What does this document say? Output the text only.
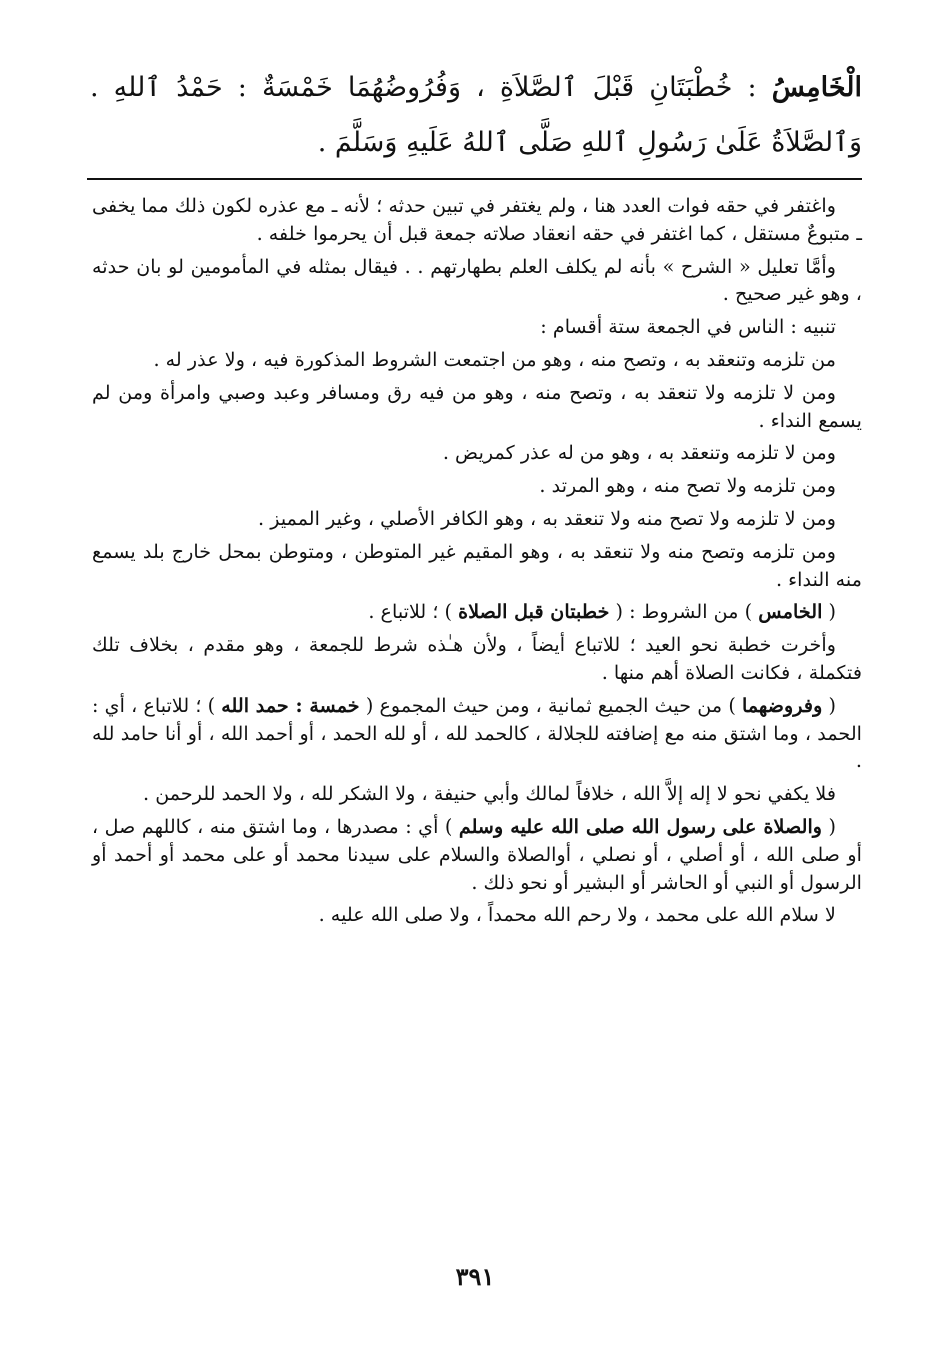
الْخَامِسُ : خُطْبَتَانِ قَبْلَ ٱلصَّلاَةِ ، وَفُرُوضُهُمَا خَمْسَةٌ : حَمْدُ ٱللهِ . وَٱلصَّلاَةُ عَلَىٰ رَسُولِ ٱللهِ صَلَّى ٱللهُ عَلَيهِ وَسَلَّمَ .

واغتفر في حقه فوات العدد هنا ، ولم يغتفر في تبين حدثه ؛ لأنه ـ مع عذره لكون ذلك مما يخفى ـ متبوعٌ مستقل ، كما اغتفر في حقه انعقاد صلاته جمعة قبل أن يحرموا خلفه .

وأمَّا تعليل « الشرح » بأنه لم يكلف العلم بطهارتهم . . فيقال بمثله في المأمومين لو بان حدثه ، وهو غير صحيح .

تنبيه : الناس في الجمعة ستة أقسام :

من تلزمه وتنعقد به ، وتصح منه ، وهو من اجتمعت الشروط المذكورة فيه ، ولا عذر له .

ومن لا تلزمه ولا تنعقد به ، وتصح منه ، وهو من فيه رق ومسافر وعبد وصبي وامرأة ومن لم يسمع النداء .

ومن لا تلزمه وتنعقد به ، وهو من له عذر كمريض .

ومن تلزمه ولا تصح منه ، وهو المرتد .

ومن لا تلزمه ولا تصح منه ولا تنعقد به ، وهو الكافر الأصلي ، وغير المميز .

ومن تلزمه وتصح منه ولا تنعقد به ، وهو المقيم غير المتوطن ، ومتوطن بمحل خارج بلد يسمع منه النداء .

( الخامس ) من الشروط : ( خطبتان قبل الصلاة ) ؛ للاتباع .

وأخرت خطبة نحو العيد ؛ للاتباع أيضاً ، ولأن هـٰذه شرط للجمعة ، وهو مقدم ، بخلاف تلك فتكملة ، فكانت الصلاة أهم منها .

( وفروضهما ) من حيث الجميع ثمانية ، ومن حيث المجموع ( خمسة : حمد الله ) ؛ للاتباع ، أي : الحمد ، وما اشتق منه مع إضافته للجلالة ، كالحمد لله ، أو لله الحمد ، أو أحمد الله ، أو أنا حامد لله .

فلا يكفي نحو لا إله إلاَّ الله ، خلافاً لمالك وأبي حنيفة ، ولا الشكر لله ، ولا الحمد للرحمن .

( والصلاة على رسول الله صلى الله عليه وسلم ) أي : مصدرها ، وما اشتق منه ، كاللهم صل ، أو صلى الله ، أو أصلي ، أو نصلي ، أوالصلاة والسلام على سيدنا محمد أو على محمد أو أحمد أو الرسول أو النبي أو الحاشر أو البشير أو نحو ذلك .

لا سلام الله على محمد ، ولا رحم الله محمداً ، ولا صلى الله عليه .

٣٩١
